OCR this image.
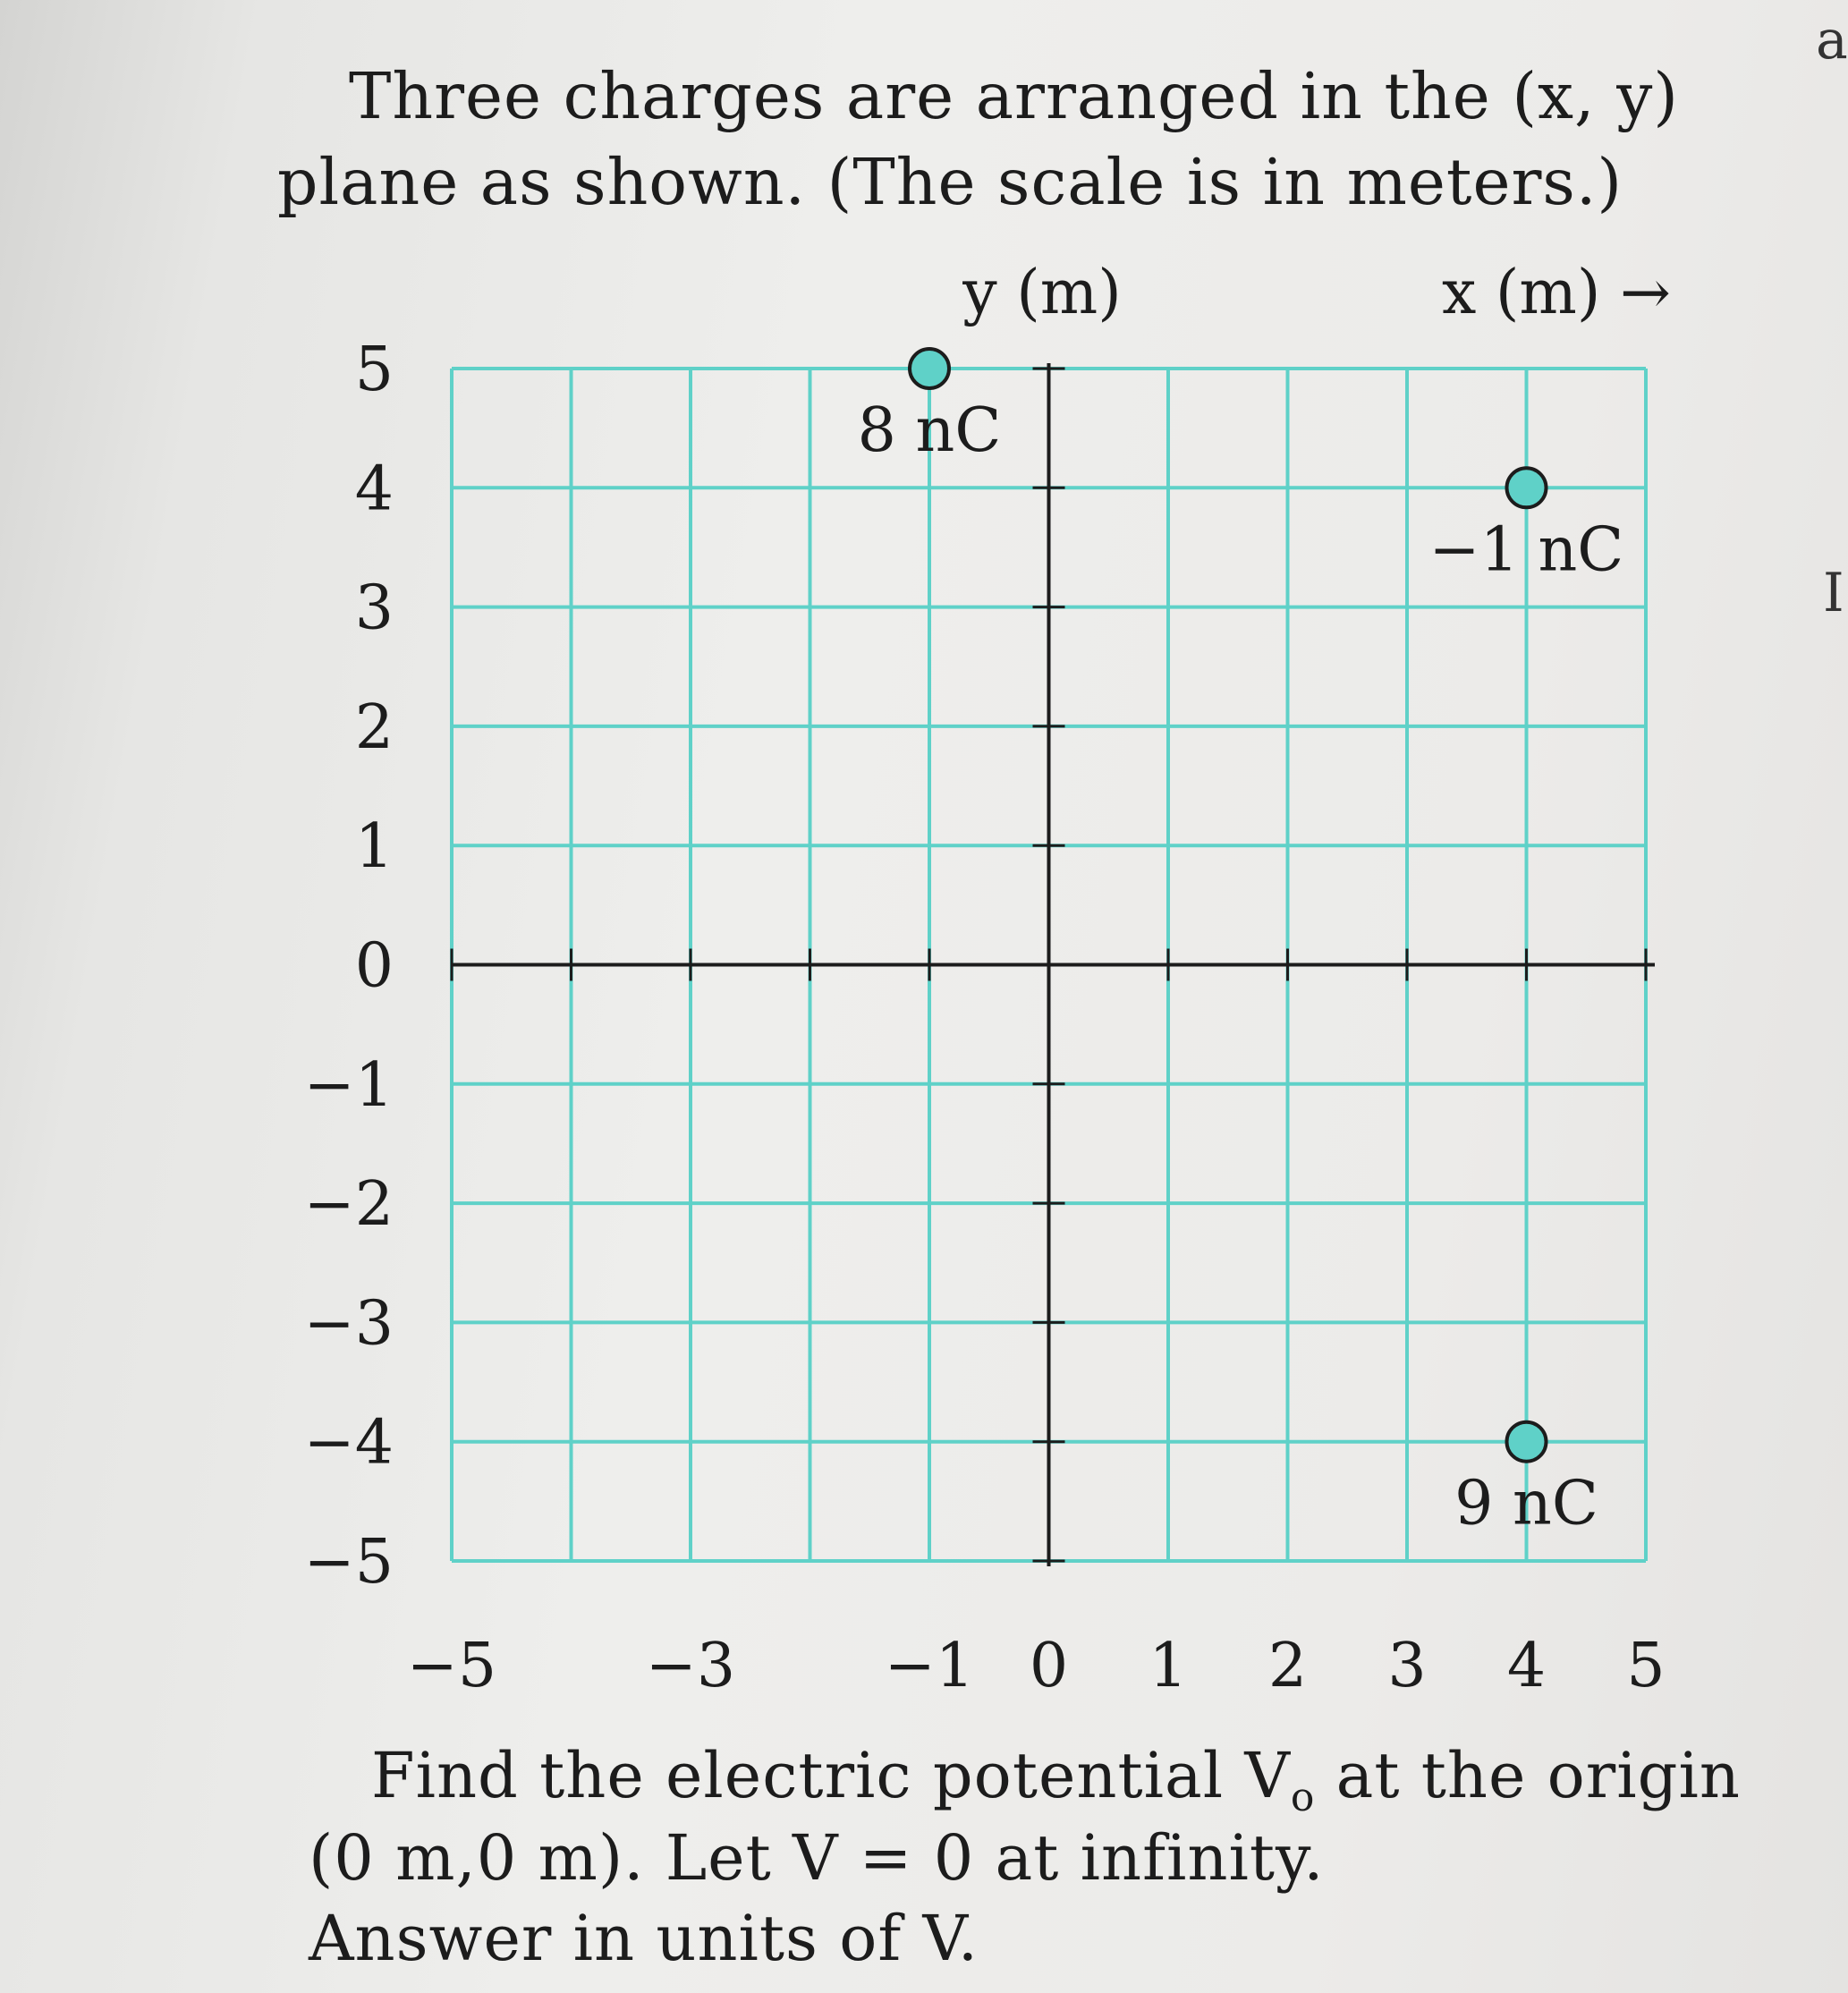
Three charges are arranged in the (x, y)
plane as shown. (The scale is in meters.)
−5 −3 −1 0 1 2 3 4 5
5
4
3
2
1
0
−1
−2
−3
−4
−5
8 nC
−1 nC
9 nC
y (m)	x (m) →
Find the electric potential $V_o$ at the origin
(0 m,0 m). Let V = 0 at infinity.
Answer in units of V.
a
I
